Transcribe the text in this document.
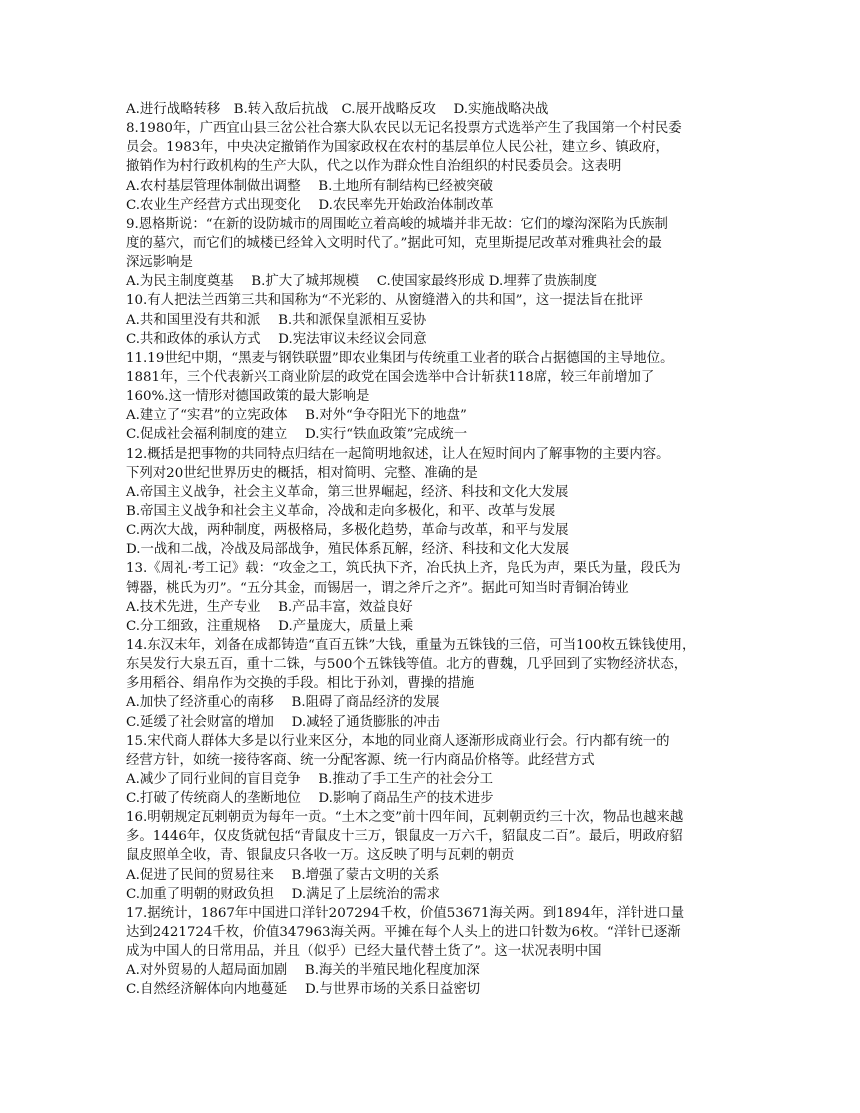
A.进行战略转移　B.转入敌后抗战　C.展开战略反攻　 D.实施战略决战
8.1980年，广西宜山县三岔公社合寨大队农民以无记名投票方式选举产生了我国第一个村民委
员会。1983年，中央决定撤销作为国家政权在农村的基层单位人民公社，建立乡、镇政府，
撤销作为村行政机构的生产大队，代之以作为群众性自治组织的村民委员会。这表明
A.农村基层管理体制做出调整　 B.土地所有制结构已经被突破
C.农业生产经营方式出现变化　 D.农民率先开始政治体制改革
9.恩格斯说：“在新的设防城市的周围屹立着高峻的城墙并非无故：它们的壕沟深陷为氏族制
度的墓穴，而它们的城楼已经耸入文明时代了。”据此可知，克里斯提尼改革对雅典社会的最
深远影响是
A.为民主制度奠基　 B.扩大了城邦规模　 C.使国家最终形成 D.埋葬了贵族制度
10.有人把法兰西第三共和国称为“不光彩的、从窗缝潜入的共和国”，这一提法旨在批评
A.共和国里没有共和派　 B.共和派保皇派相互妥协
C.共和政体的承认方式　 D.宪法审议未经议会同意
11.19世纪中期，“黑麦与钢铁联盟”即农业集团与传统重工业者的联合占据德国的主导地位。
1881年，三个代表新兴工商业阶层的政党在国会选举中合计斩获118席，较三年前增加了
160%.这一情形对德国政策的最大影响是
A.建立了“实君”的立宪政体　 B.对外“争夺阳光下的地盘”
C.促成社会福利制度的建立　 D.实行“铁血政策”完成统一
12.概括是把事物的共同特点归结在一起简明地叙述，让人在短时间内了解事物的主要内容。
下列对20世纪世界历史的概括，相对简明、完整、准确的是
A.帝国主义战争，社会主义革命，第三世界崛起，经济、科技和文化大发展
B.帝国主义战争和社会主义革命，冷战和走向多极化，和平、改革与发展
C.两次大战，两种制度，两极格局，多极化趋势，革命与改革，和平与发展
D.一战和二战，冷战及局部战争，殖民体系瓦解，经济、科技和文化大发展
13.《周礼·考工记》载：“攻金之工，筑氏执下齐，冶氏执上齐，凫氏为声，栗氏为量，段氏为
镈器，桃氏为刃”。“五分其金，而锡居一，谓之斧斤之齐”。据此可知当时青铜冶铸业
A.技术先进，生产专业　 B.产品丰富，效益良好
C.分工细致，注重规格　 D.产量庞大，质量上乘
14.东汉末年，刘备在成都铸造“直百五铢”大钱，重量为五铢钱的三倍，可当100枚五铢钱使用，
东吴发行大泉五百，重十二铢，与500个五铢钱等值。北方的曹魏，几乎回到了实物经济状态，
多用稻谷、绢帛作为交换的手段。相比于孙刘，曹操的措施
A.加快了经济重心的南移　 B.阻碍了商品经济的发展
C.延缓了社会财富的增加　 D.减轻了通货膨胀的冲击
15.宋代商人群体大多是以行业来区分，本地的同业商人逐渐形成商业行会。行内都有统一的
经营方针，如统一接待客商、统一分配客源、统一行内商品价格等。此经营方式
A.减少了同行业间的盲目竞争　 B.推动了手工生产的社会分工
C.打破了传统商人的垄断地位　 D.影响了商品生产的技术进步
16.明朝规定瓦剌朝贡为每年一贡。“土木之变”前十四年间，瓦剌朝贡约三十次，物品也越来越
多。1446年，仅皮货就包括“青鼠皮十三万，银鼠皮一万六千，貂鼠皮二百”。最后，明政府貂
鼠皮照单全收，青、银鼠皮只各收一万。这反映了明与瓦剌的朝贡
A.促进了民间的贸易往来　 B.增强了蒙古文明的关系
C.加重了明朝的财政负担　 D.满足了上层统治的需求
17.据统计，1867年中国进口洋针207294千枚，价值53671海关两。到1894年，洋针进口量
达到2421724千枚，价值347963海关两。平摊在每个人头上的进口针数为6枚。“洋针已逐渐
成为中国人的日常用品，并且（似乎）已经大量代替土货了”。这一状况表明中国
A.对外贸易的人超局面加剧　 B.海关的半殖民地化程度加深
C.自然经济解体向内地蔓延　 D.与世界市场的关系日益密切
